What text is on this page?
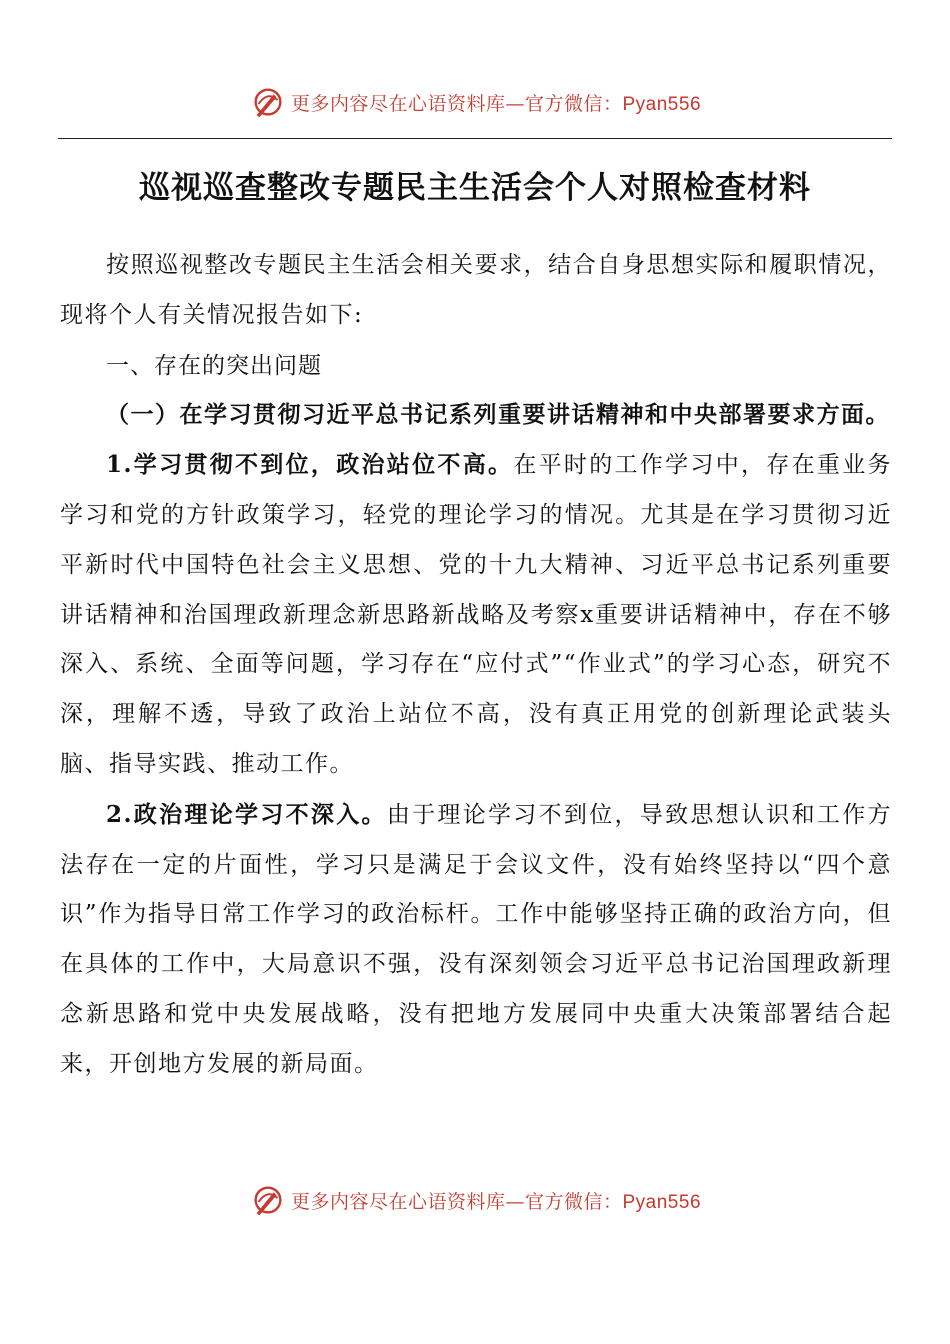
更多内容尽在心语资料库—官方微信：Pyan556
巡视巡查整改专题民主生活会个人对照检查材料

按照巡视整改专题民主生活会相关要求，结合自身思想实际和履职情况，现将个人有关情况报告如下:

一、存在的突出问题

（一）在学习贯彻习近平总书记系列重要讲话精神和中央部署要求方面。

1.学习贯彻不到位，政治站位不高。在平时的工作学习中，存在重业务学习和党的方针政策学习，轻党的理论学习的情况。尤其是在学习贯彻习近平新时代中国特色社会主义思想、党的十九大精神、习近平总书记系列重要讲话精神和治国理政新理念新思路新战略及考察x重要讲话精神中，存在不够深入、系统、全面等问题，学习存在“应付式”“作业式”的学习心态，研究不深，理解不透，导致了政治上站位不高，没有真正用党的创新理论武装头脑、指导实践、推动工作。

2.政治理论学习不深入。由于理论学习不到位，导致思想认识和工作方法存在一定的片面性，学习只是满足于会议文件，没有始终坚持以“四个意识”作为指导日常工作学习的政治标杆。工作中能够坚持正确的政治方向，但在具体的工作中，大局意识不强，没有深刻领会习近平总书记治国理政新理念新思路和党中央发展战略，没有把地方发展同中央重大决策部署结合起来，开创地方发展的新局面。

更多内容尽在心语资料库—官方微信：Pyan556
